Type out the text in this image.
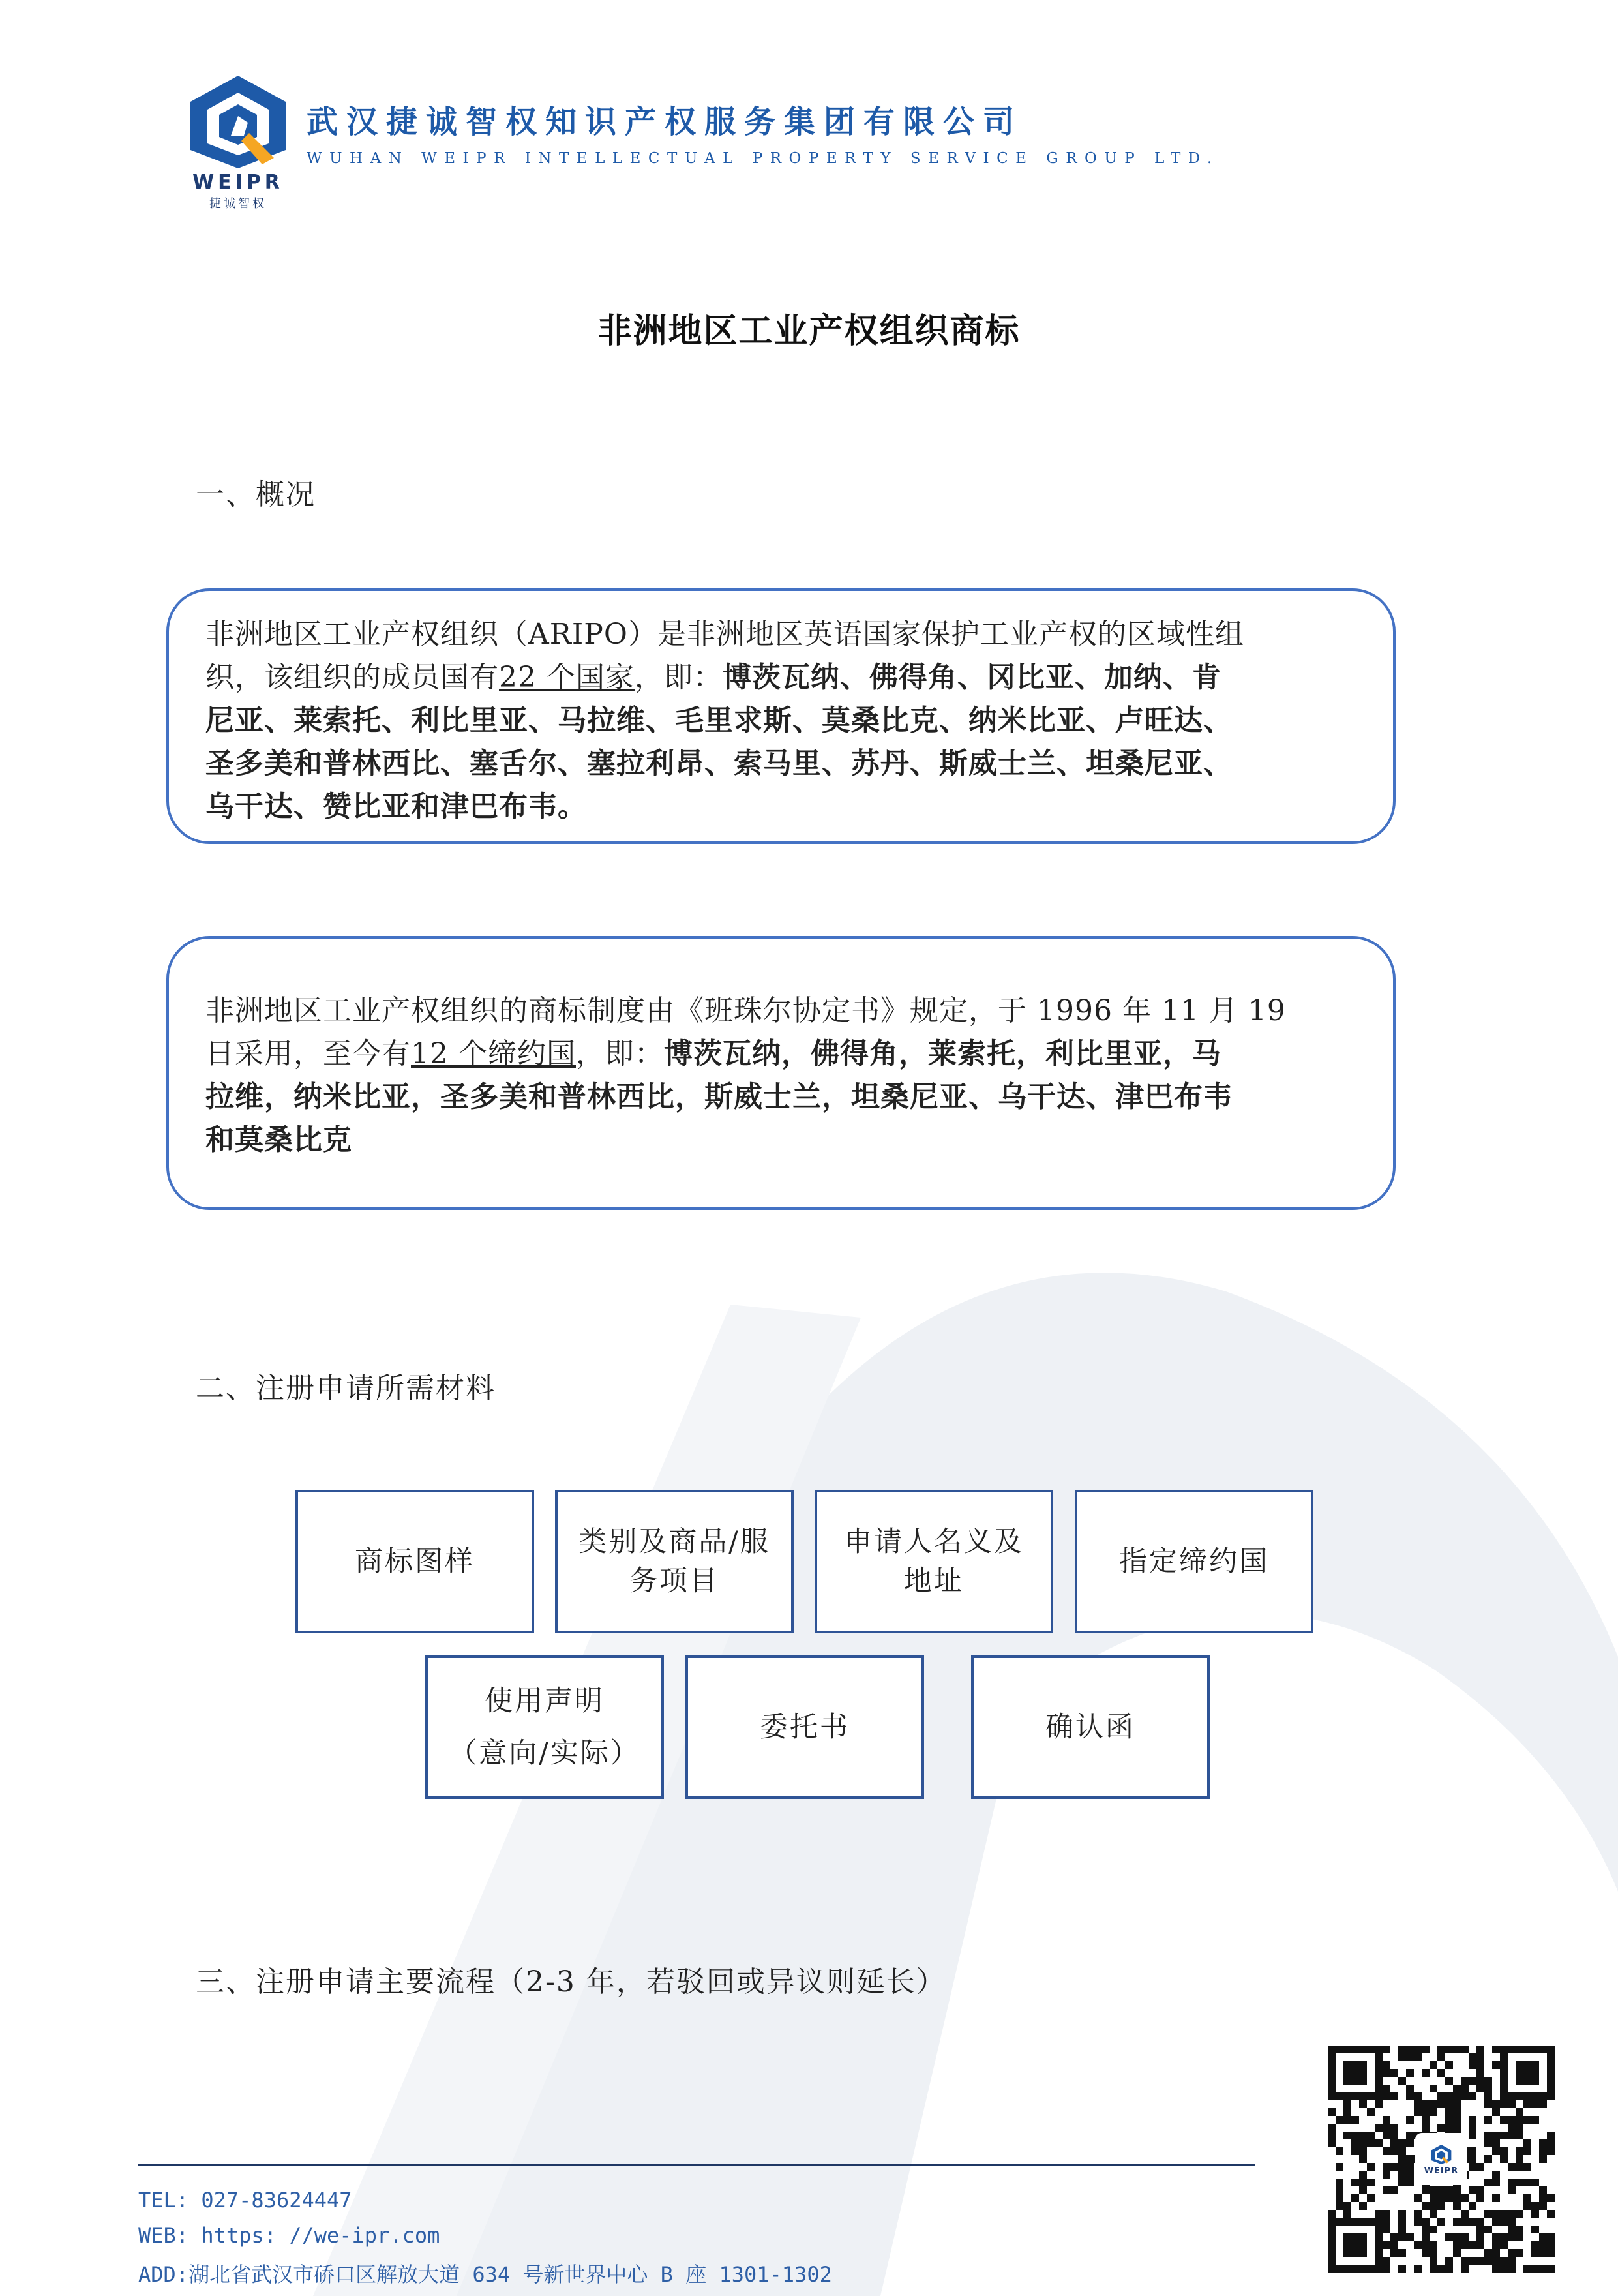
WEIPR
捷诚智权
武汉捷诚智权知识产权服务集团有限公司
WUHAN WEIPR INTELLECTUAL PROPERTY SERVICE GROUP LTD.
非洲地区工业产权组织商标
一、概况
非洲地区工业产权组织（ARIPO）是非洲地区英语国家保护工业产权的区域性组
织，该组织的成员国有22 个国家，即：博茨瓦纳、佛得角、冈比亚、加纳、肯
尼亚、莱索托、利比里亚、马拉维、毛里求斯、莫桑比克、纳米比亚、卢旺达、
圣多美和普林西比、塞舌尔、塞拉利昂、索马里、苏丹、斯威士兰、坦桑尼亚、
乌干达、赞比亚和津巴布韦。
非洲地区工业产权组织的商标制度由《班珠尔协定书》规定，于 1996 年 11 月 19
日采用，至今有12 个缔约国，即：博茨瓦纳，佛得角，莱索托，利比里亚，马
拉维，纳米比亚，圣多美和普林西比，斯威士兰，坦桑尼亚、乌干达、津巴布韦
和莫桑比克
二、注册申请所需材料
商标图样
类别及商品/服
务项目
申请人名义及
地址
指定缔约国
使用声明
（意向/实际）
委托书	确认函
三、注册申请主要流程（2-3 年，若驳回或异议则延长）
TEL: 027-83624447
WEB: https: //we-ipr.com
ADD:湖北省武汉市硚口区解放大道 634 号新世界中心 B 座 1301-1302
WEIPR
